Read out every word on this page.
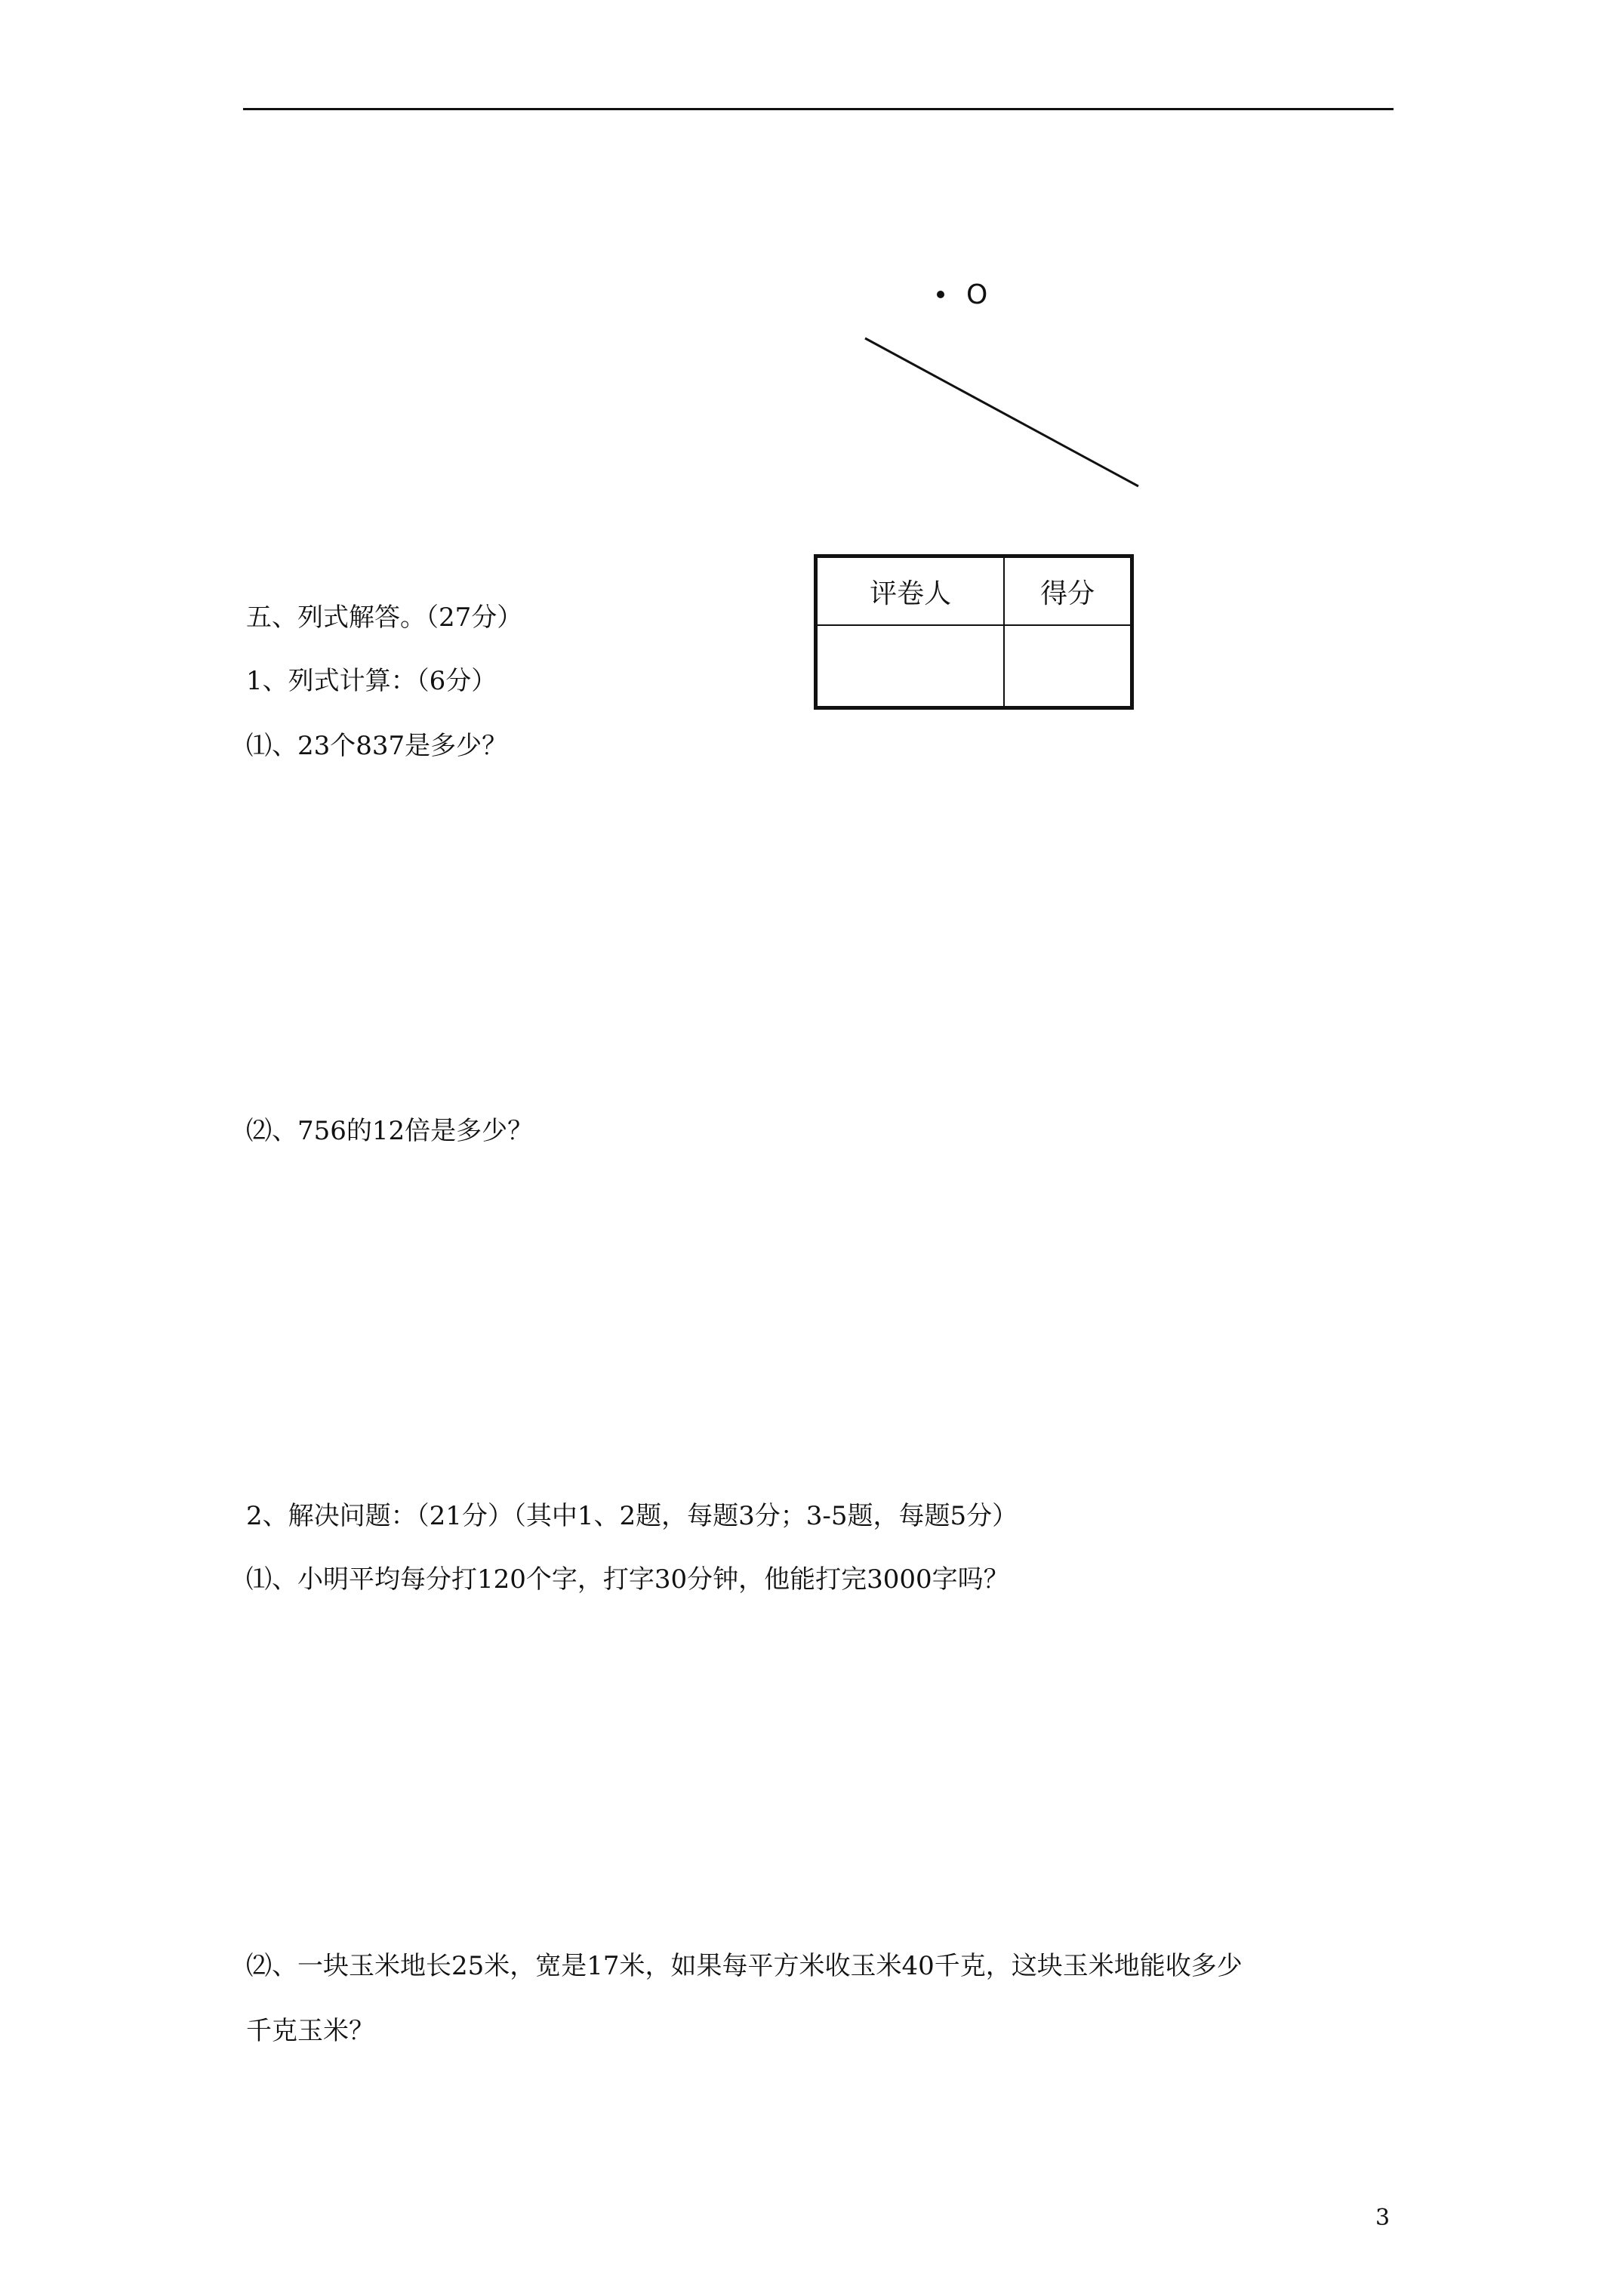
O
评卷人	得分

五、列式解答。（27分）
1、列式计算：（6分）
⑴、23个837是多少？
⑵、756的12倍是多少？
2、解决问题：（21分）（其中1、2题，每题3分；3-5题，每题5分）
⑴、小明平均每分打120个字，打字30分钟，他能打完3000字吗？
⑵、一块玉米地长25米，宽是17米，如果每平方米收玉米40千克，这块玉米地能收多少
千克玉米？
3
